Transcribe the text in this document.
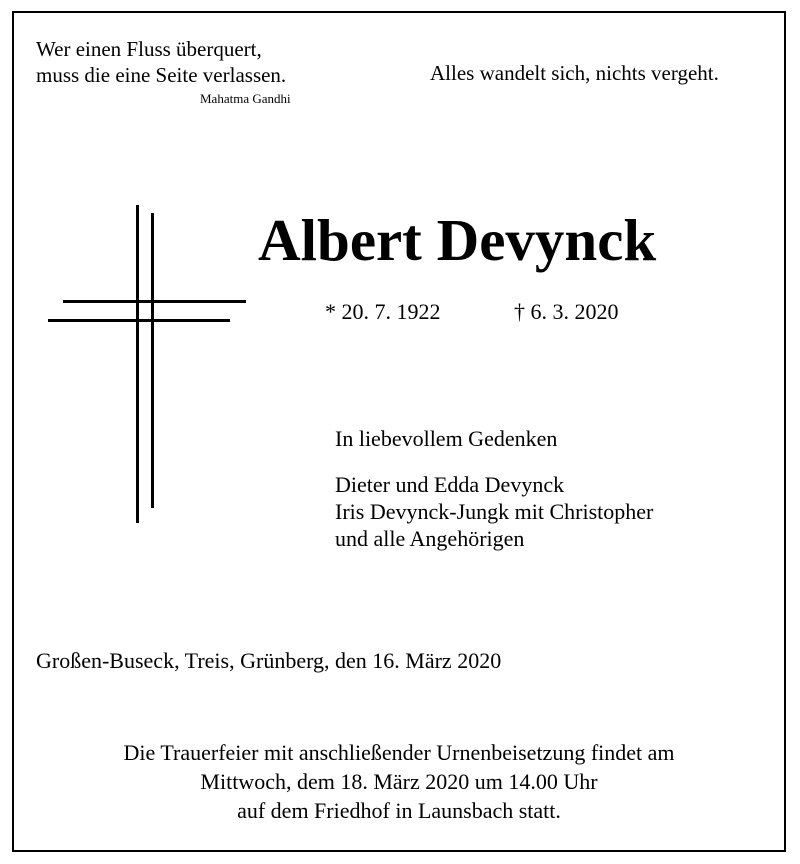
Wer einen Fluss überquert,
muss die eine Seite verlassen.
Mahatma Gandhi
Alles wandelt sich, nichts vergeht.
Albert Devynck
* 20. 7. 1922	† 6. 3. 2020
In liebevollem Gedenken
Dieter und Edda Devynck
Iris Devynck-Jungk mit Christopher
und alle Angehörigen
Großen-Buseck, Treis, Grünberg, den 16. März 2020
Die Trauerfeier mit anschließender Urnenbeisetzung findet am
Mittwoch, dem 18. März 2020 um 14.00 Uhr
auf dem Friedhof in Launsbach statt.
